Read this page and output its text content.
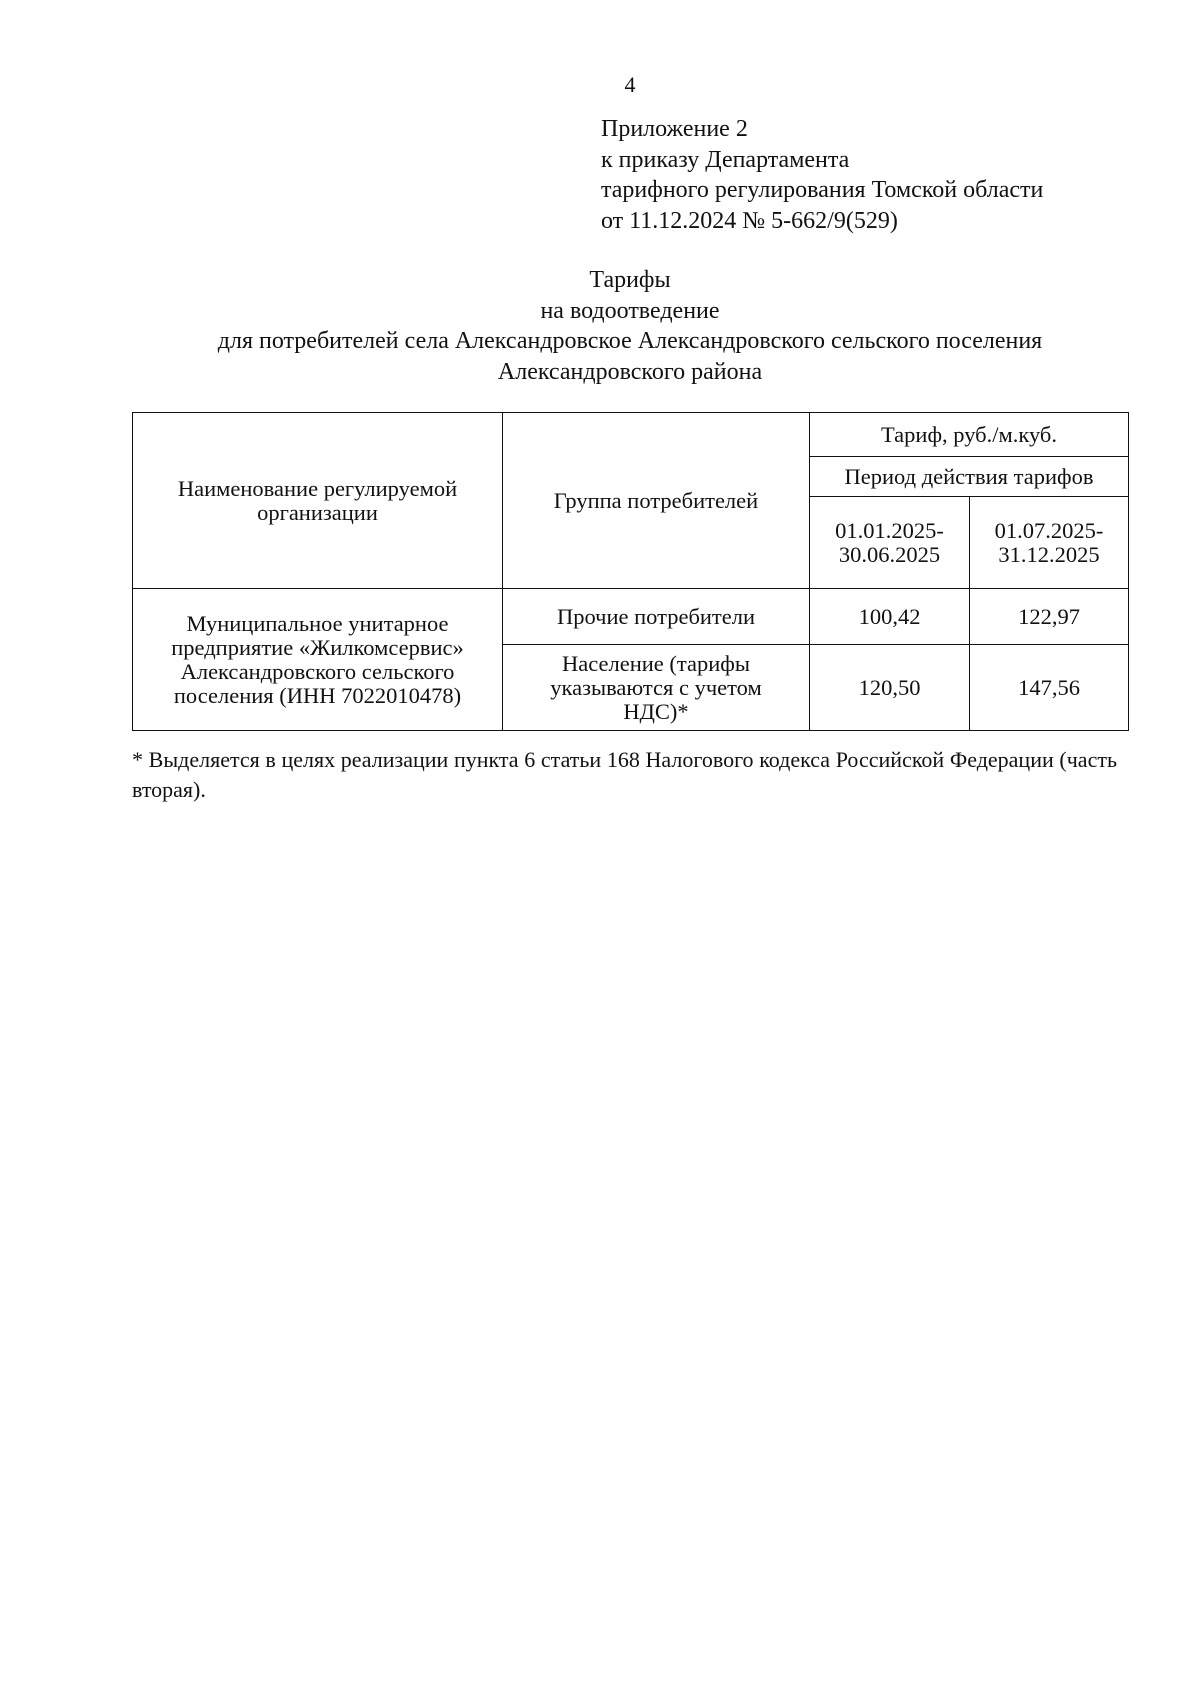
4
Приложение 2
к приказу Департамента
тарифного регулирования Томской области
от 11.12.2024 № 5-662/9(529)
Тарифы
на водоотведение
для потребителей села Александровское Александровского сельского поселения
Александровского района
Наименование регулируемой организации	Группа потребителей	Тариф, руб./м.куб.	
		Период действия тарифов	
		01.01.2025-30.06.2025	01.07.2025-31.12.2025
Муниципальное унитарное предприятие «Жилкомсервис» Александровского сельского поселения (ИНН 7022010478)	Прочие потребители	100,42	122,97
	Население (тарифы указываются с учетом НДС)*	120,50	147,56
* Выделяется в целях реализации пункта 6 статьи 168 Налогового кодекса Российской Федерации (часть вторая).
